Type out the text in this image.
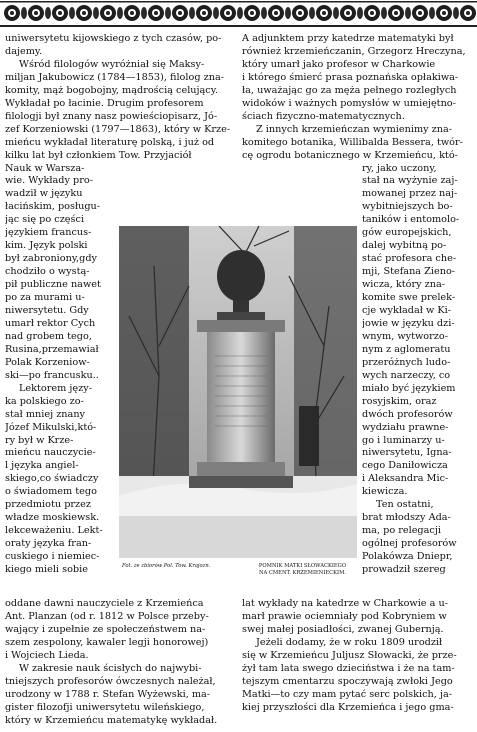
uniwersytetu kijowskiego z tych czasów, po-
dajemy.
Wśród filologów wyróżniał się Maksy-
miljan Jakubowicz (1784—1853), filolog zna-
komity, mąż bogobojny, mądrością celujący.
Wykładał po łacinie. Drugim profesorem
filologji był znany nasz powieściopisarz, Jó-
zef Korzeniowski (1797—1863), który w Krze-
mieńcu wykładał literaturę polską, i już od
kilku lat był członkiem Tow. Przyjaciół
Nauk w Warsza-
wie. Wykłady pro-
wadził w języku
łacińskim, posługu-
jąc się po części
językiem francus-
kim. Język polski
był zabroniony,gdy
chodziło o wystą-
pił publiczne nawet
po za murami u-
niwersytetu. Gdy
umarł rektor Cych
nad grobem tego,
Rusina,przemawiał
Polak Korzeniow-
ski—po francusku..
Lektorem języ-
ka polskiego zo-
stał mniej znany
Józef Mikulski,któ-
ry był w Krze-
mieńcu nauczycie-
l języka angiel-
skiego,co świadczy
o świadomem tego
przedmiotu przez
władze moskiewsk.
lekceważeniu. Lekt-
oraty języka fran-
cuskiego i niemiec-
kiego mieli sobie	Fot. ze zbiorów Pol. Tow. Krajozn.	POMNIK MATKI SŁOWACKIEGO
NA CMENT. KRZEMIENIECKIM.
oddane dawni nauczyciele z Krzemieńca
Ant. Planzan (od r. 1812 w Polsce przeby-
wający i zupełnie ze społeczeństwem na-
szem zespolony, kawaler legji honorowej)
i Wojciech Lieda.
W zakresie nauk ścisłych do najwybi-
tniejszych profesorów ówczesnych należał,
urodzony w 1788 r. Stefan Wyżewski, ma-
gister filozofji uniwersytetu wileńskiego,
który w Krzemieńcu matematykę wykładał.
A adjunktem przy katedrze matematyki był
również krzemieńczanin, Grzegorz Hreczyna,
który umarł jako profesor w Charkowie
i którego śmierć prasa poznańska opłakiwa-
ła, uważając go za męża pełnego rozległych
widoków i ważnych pomysłów w umiejętno-
ściach fizyczno-matematycznych.
Z innych krzemieńczan wymienimy zna-
komitego botanika, Willibalda Bessera, twór-
cę ogrodu botanicznego w Krzemieńcu, któ-
ry, jako uczony,
stał na wyżynie zaj-
mowanej przez naj-
wybitniejszych bo-
taników i entomolo-
gów europejskich,
dalej wybitną po-
stać profesora che-
mji, Stefana Zieno-
wicza, który zna-
komite swe prelek-
cje wykładał w Ki-
jowie w języku dzi-
wnym, wytworzo-
nym z aglomeratu
przeróżnych ludo-
wych narzeczy, co
miało być językiem
rosyjskim, oraz
dwóch profesorów
wydziału prawne-
go i luminarzy u-
niwersytetu, Igna-
cego Daniłowicza
i Aleksandra Mic-
kiewicza.
Ten ostatni,
brat młodszy Ada-
ma, po relegacji
ogólnej profesorów
Polakówza Dniepr,
prowadził szereg
lat wykłady na katedrze w Charkowie a u-
marł prawie ociemniały pod Kobryniem w
swej małej posiadłości, zwanej Gubernją.
Jeżeli dodamy, że w roku 1809 urodził
się w Krzemieńcu Juljusz Słowacki, że prze-
żył tam lata swego dzieciństwa i że na tam-
tejszym cmentarzu spoczywają zwłoki Jego
Matki—to czy mam pytać serc polskich, ja-
kiej przyszłości dla Krzemieńca i jego gma-
